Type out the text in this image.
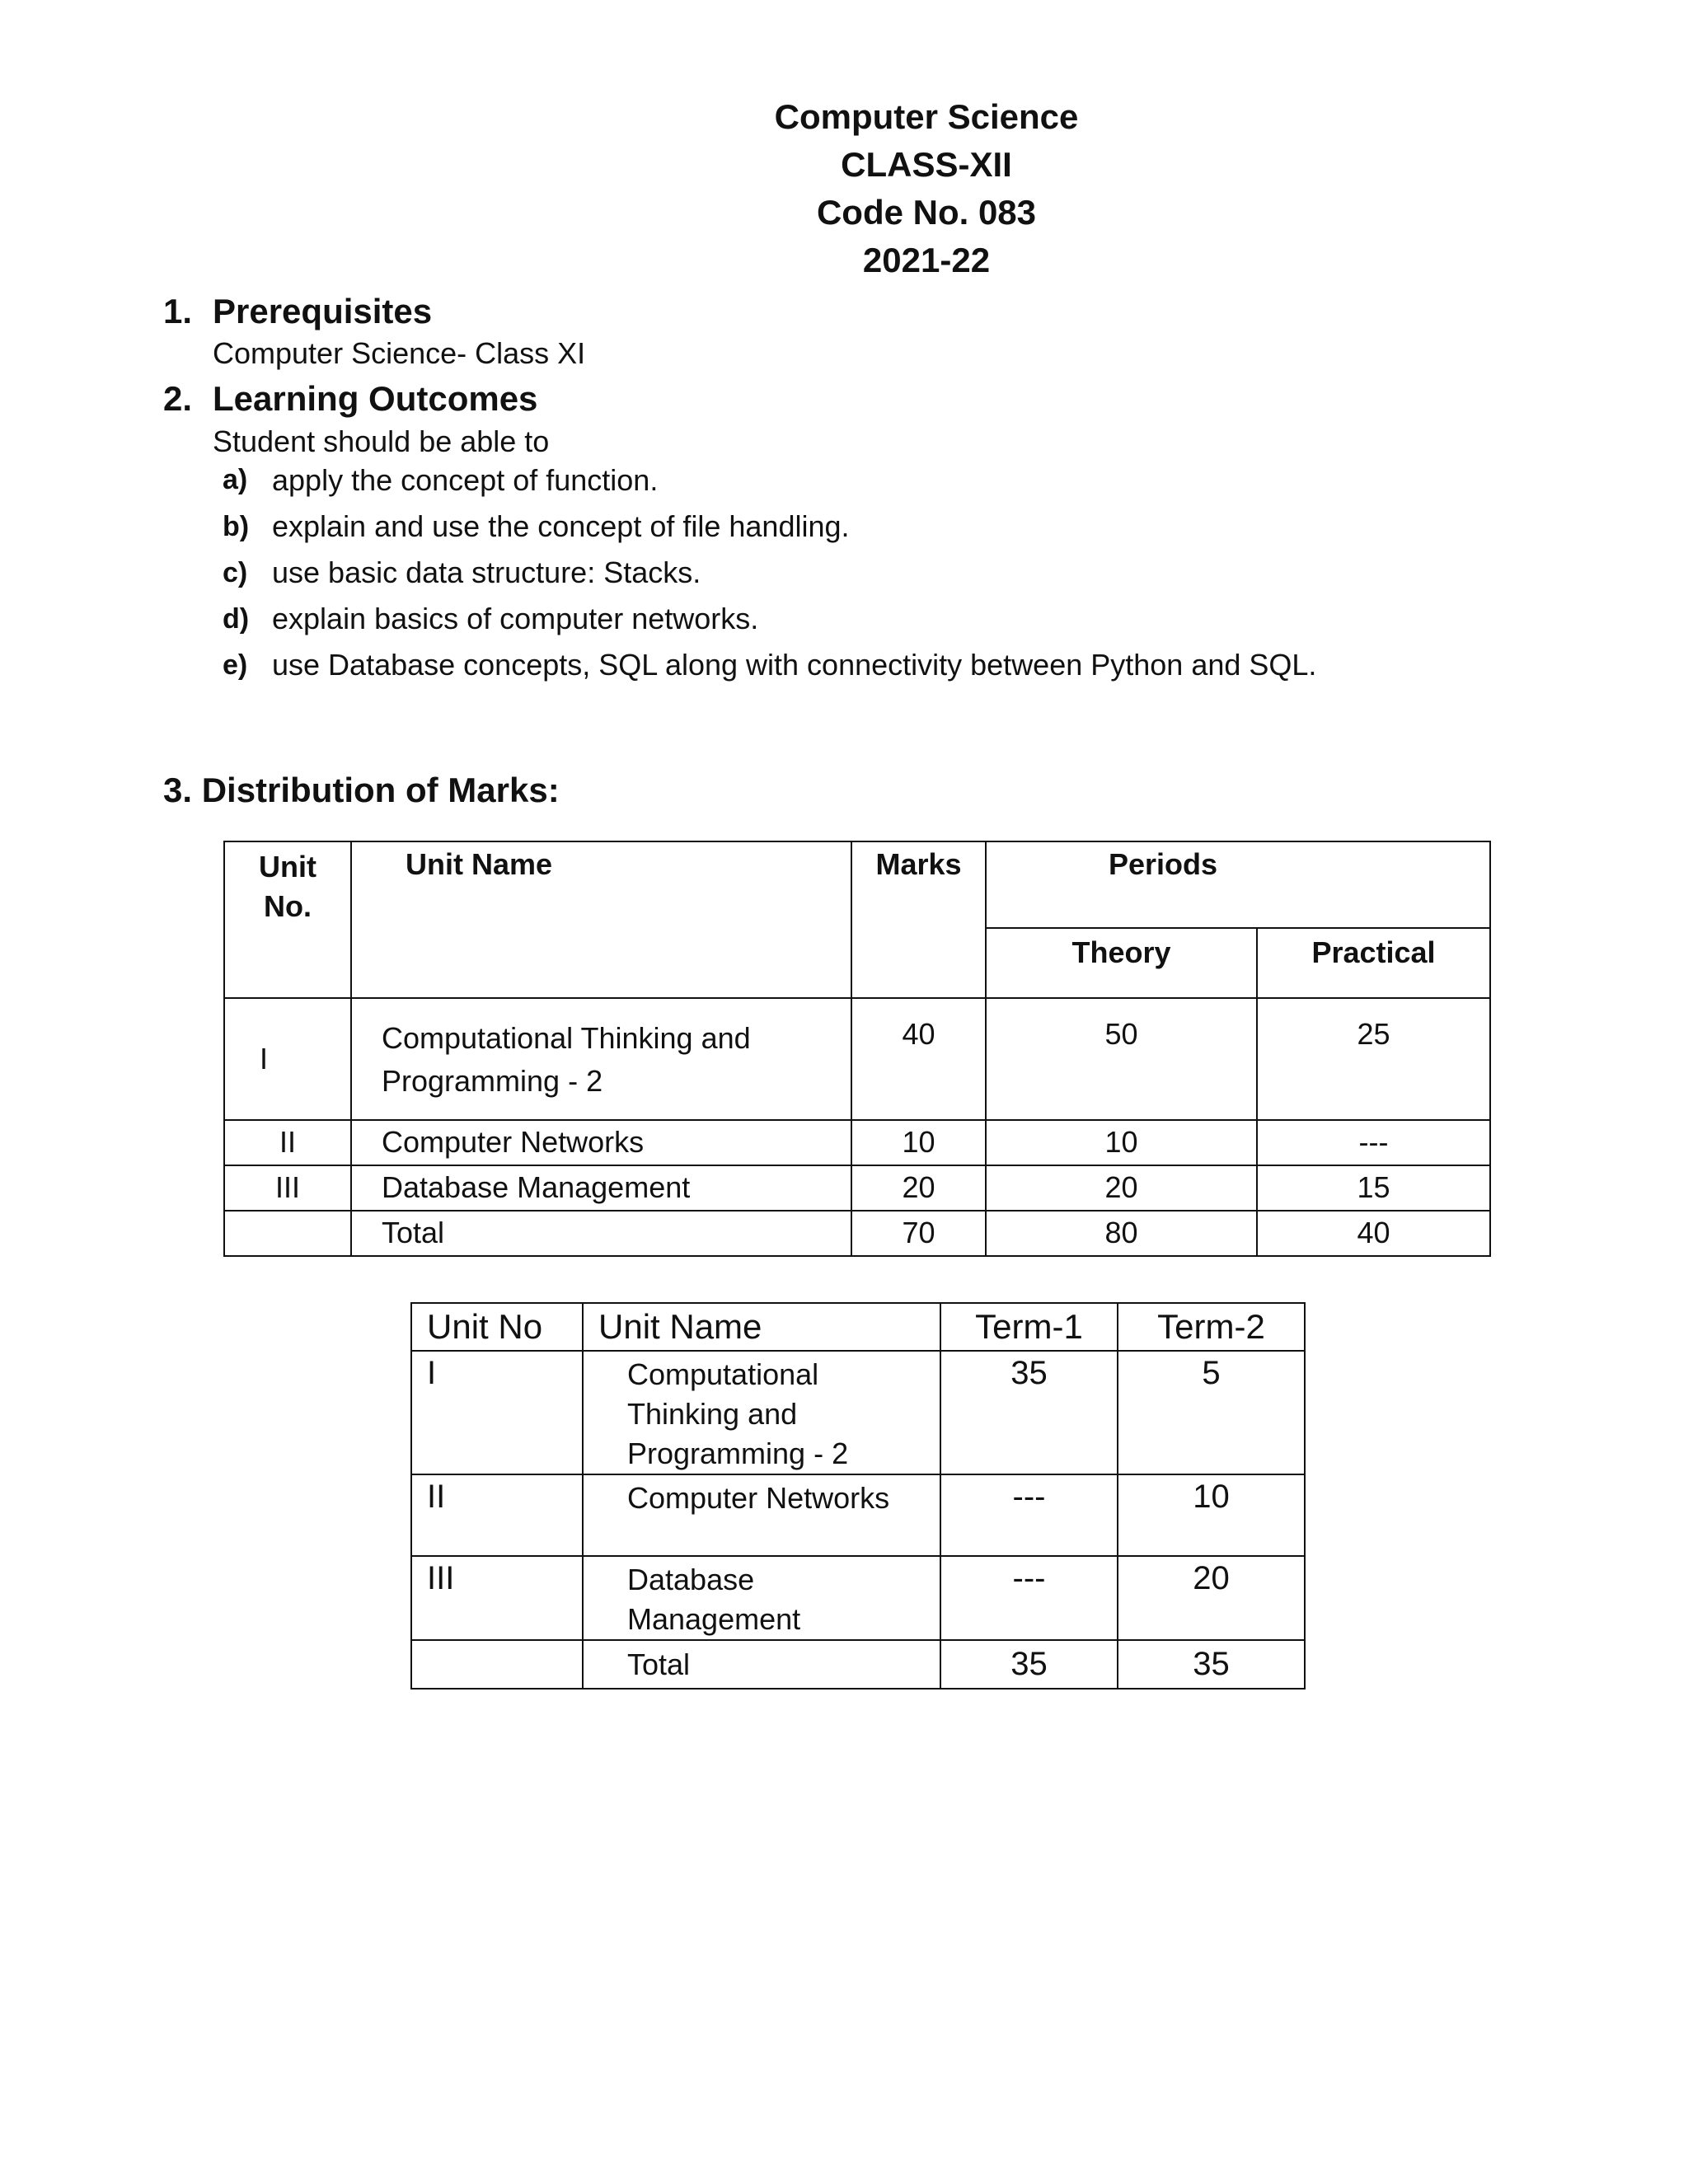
Computer Science
CLASS-XII
Code No. 083
2021-22
1. Prerequisites
Computer Science- Class XI
2. Learning Outcomes
Student should be able to
a) apply the concept of function.
b) explain and use the concept of file handling.
c) use basic data structure: Stacks.
d) explain basics of computer networks.
e) use Database concepts, SQL along with connectivity between Python and SQL.
3. Distribution of Marks:
Unit No.	Unit Name	Marks	Periods	
			Theory	Practical
I	Computational Thinking and
Programming - 2	40	50	25
II	Computer Networks	10	10	---
III	Database Management	20	20	15
	Total	70	80	40
Unit No	Unit Name	Term-1	Term-2
I	Computational
Thinking and
Programming - 2	35	5
II	Computer Networks	---	10
III	Database
Management	---	20

	Total	35	35
